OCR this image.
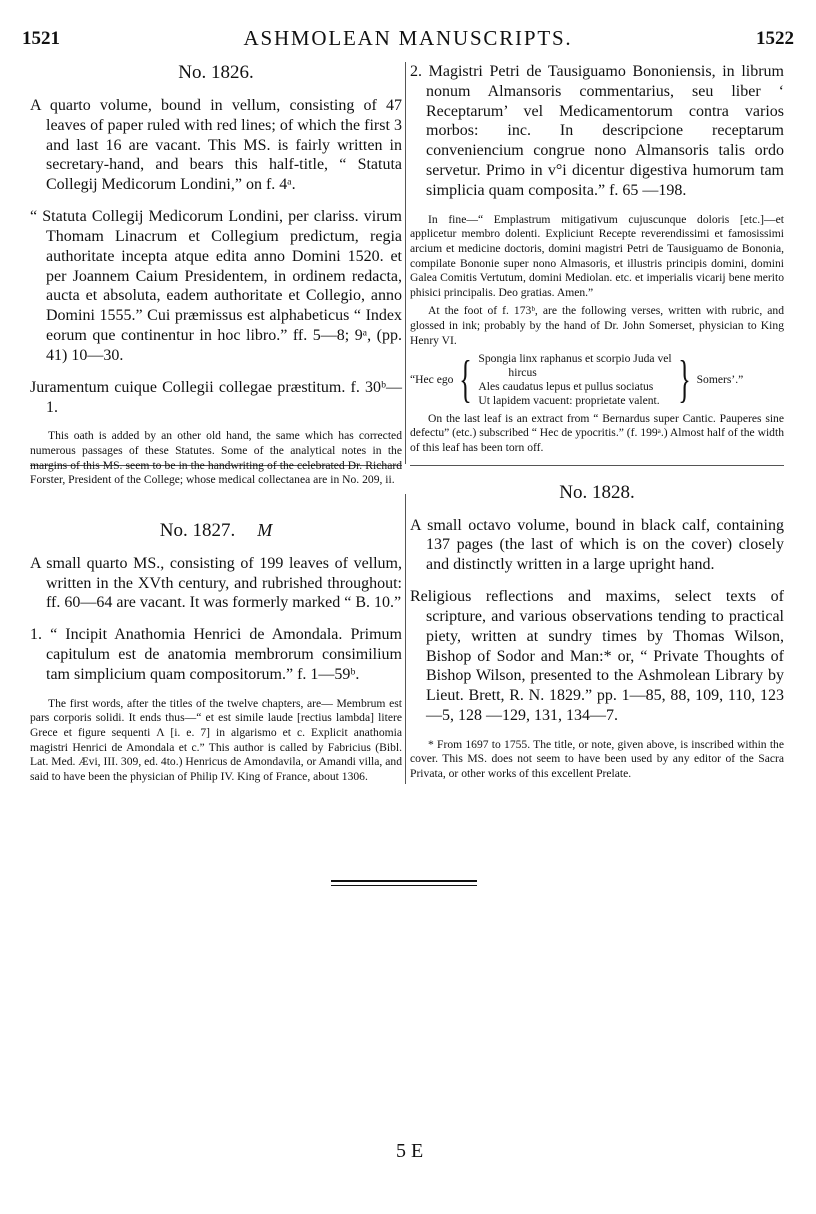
1521	ASHMOLEAN MANUSCRIPTS.	1522
No. 1826.

A quarto volume, bound in vellum, consisting of 47 leaves of paper ruled with red lines; of which the first 3 and last 16 are vacant. This MS. is fairly written in secretary-hand, and bears this half-title, “ Statuta Collegij Medicorum Londini,” on f. 4ᵃ.

“ Statuta Collegij Medicorum Londini, per clariss. virum Thomam Linacrum et Collegium predictum, regia authoritate incepta atque edita anno Domini 1520. et per Joannem Caium Presidentem, in ordinem redacta, aucta et absoluta, eadem authoritate et Collegio, anno Domini 1555.” Cui præmissus est alphabeticus “ Index eorum que continentur in hoc libro.” ff. 5—8; 9ᵃ, (pp. 41) 10—30.

Juramentum cuique Collegii collegae præstitum. f. 30ᵇ—1.

This oath is added by an other old hand, the same which has corrected numerous passages of these Statutes. Some of the analytical notes in the margins of this MS. seem to be in the handwriting of the celebrated Dr. Richard Forster, President of the College; whose medical collectanea are in No. 209, ii.

No. 1827. M

A small quarto MS., consisting of 199 leaves of vellum, written in the XVth century, and rubrished throughout: ff. 60—64 are vacant. It was formerly marked “ B. 10.”

1. “ Incipit Anathomia Henrici de Amondala. Primum capitulum est de anatomia membrorum consimilium tam simplicium quam compositorum.” f. 1—59ᵇ.

The first words, after the titles of the twelve chapters, are— Membrum est pars corporis solidi. It ends thus—“ et est simile laude [rectius lambda] litere Grece et figure sequenti Λ [i. e. 7] in algarismo et c. Explicit anathomia magistri Henrici de Amondala et c.” This author is called by Fabricius (Bibl. Lat. Med. Ævi, III. 309, ed. 4to.) Henricus de Amondavila, or Amandi villa, and said to have been the physician of Philip IV. King of France, about 1306.

2. Magistri Petri de Tausiguamo Bononiensis, in librum nonum Almansoris commentarius, seu liber ‘ Receptarum’ vel Medicamentorum contra varios morbos: inc. In descripcione receptarum conveniencium congrue nono Almansoris talis ordo servetur. Primo in v°i dicentur digestiva humorum tam simplicia quam composita.” f. 65 —198.

In fine—“ Emplastrum mitigativum cujuscunque doloris [etc.]—et applicetur membro dolenti. Expliciunt Recepte reverendissimi et famosissimi arcium et medicine doctoris, domini magistri Petri de Tausiguamo de Bononia, compilate Bononie super nono Almasoris, et illustris principis domini, domini Galea Comitis Vertutum, domini Mediolan. etc. et imperialis vicarij bene merito phisici principalis. Deo gratias. Amen.”

At the foot of f. 173ᵇ, are the following verses, written with rubric, and glossed in ink; probably by the hand of Dr. John Somerset, physician to King Henry VI.

“Hec ego { Spongia linx raphanus et scorpio Juda vel
hircus
Ales caudatus lepus et pullus sociatus
Ut lapidem vacuent: proprietate valent. } Somers’.”

On the last leaf is an extract from “ Bernardus super Cantic. Pauperes sine defectu” (etc.) subscribed “ Hec de ypocritis.” (f. 199ᵃ.) Almost half of the width of this leaf has been torn off.

No. 1828.

A small octavo volume, bound in black calf, containing 137 pages (the last of which is on the cover) closely and distinctly written in a large upright hand.

Religious reflections and maxims, select texts of scripture, and various observations tending to practical piety, written at sundry times by Thomas Wilson, Bishop of Sodor and Man:* or, “ Private Thoughts of Bishop Wilson, presented to the Ashmolean Library by Lieut. Brett, R. N. 1829.” pp. 1—85, 88, 109, 110, 123—5, 128 —129, 131, 134—7.

* From 1697 to 1755. The title, or note, given above, is inscribed within the cover. This MS. does not seem to have been used by any editor of the Sacra Privata, or other works of this excellent Prelate.

5 E
